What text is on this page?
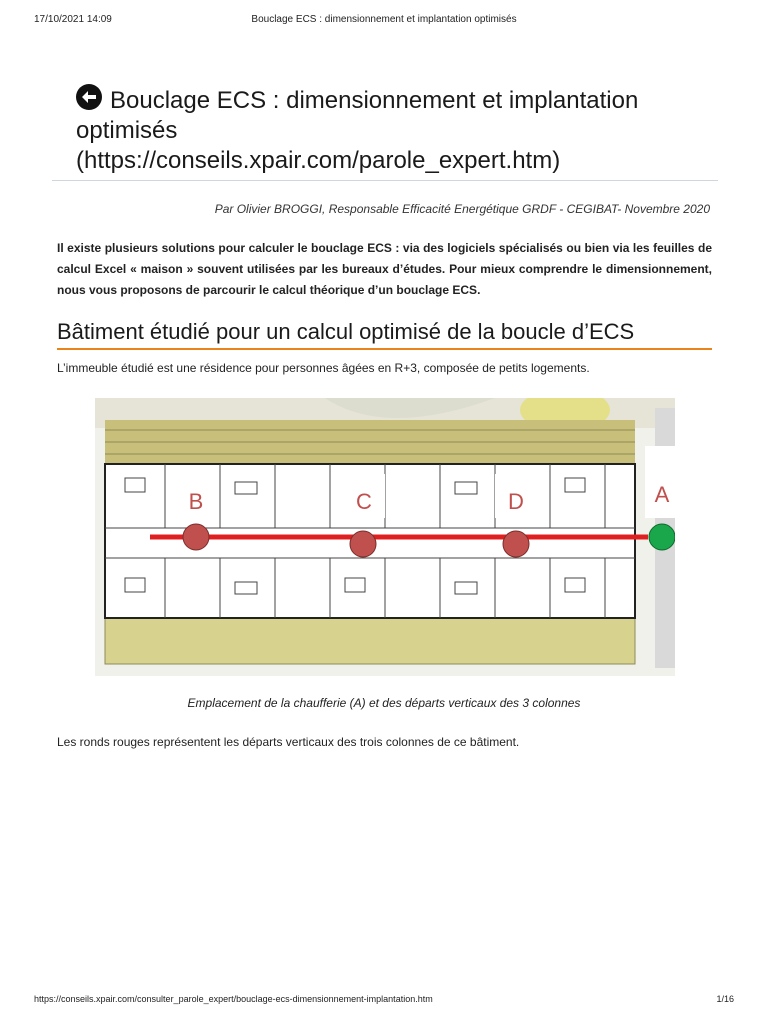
17/10/2021 14:09	Bouclage ECS : dimensionnement et implantation optimisés
Bouclage ECS : dimensionnement et implantation optimisés
(https://conseils.xpair.com/parole_expert.htm)
Par Olivier BROGGI, Responsable Efficacité Energétique GRDF - CEGIBAT- Novembre 2020
Il existe plusieurs solutions pour calculer le bouclage ECS : via des logiciels spécialisés ou bien via les feuilles de calcul Excel « maison » souvent utilisées par les bureaux d’études. Pour mieux comprendre le dimensionnement, nous vous proposons de parcourir le calcul théorique d’un bouclage ECS.
Bâtiment étudié pour un calcul optimisé de la boucle d’ECS
L’immeuble étudié est une résidence pour personnes âgées en R+3, composée de petits logements.
B	C	D	A
Emplacement de la chaufferie (A) et des départs verticaux des 3 colonnes
Les ronds rouges représentent les départs verticaux des trois colonnes de ce bâtiment.
https://conseils.xpair.com/consulter_parole_expert/bouclage-ecs-dimensionnement-implantation.htm	1/16
